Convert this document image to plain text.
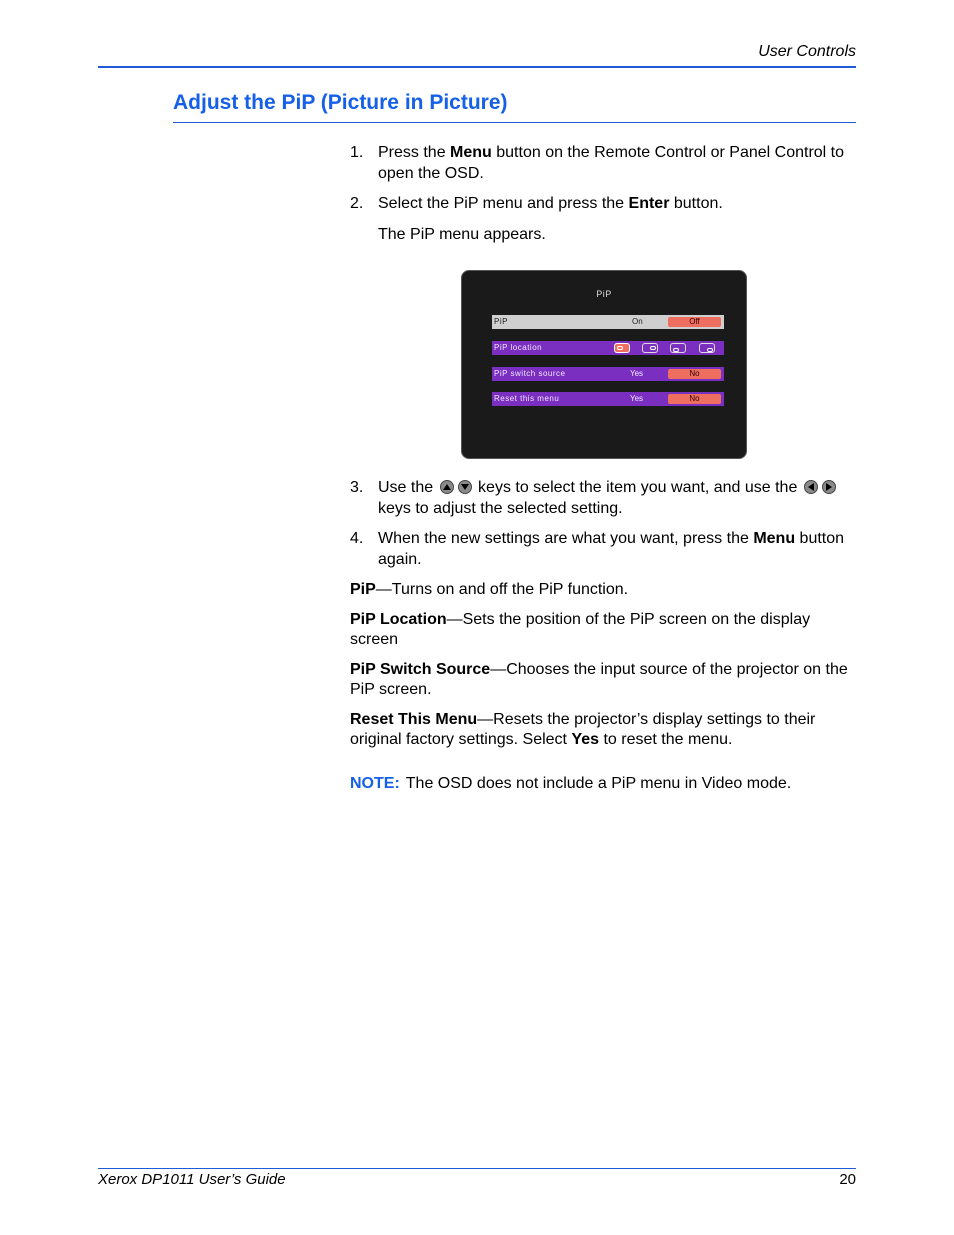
User Controls
Adjust the PiP (Picture in Picture)
1. Press the Menu button on the Remote Control or Panel Control to open the OSD.
2. Select the PiP menu and press the Enter button.
The PiP menu appears.
PiP
PiP	On	Off
PiP location
PiP switch source	Yes	No
Reset this menu	Yes	No
3. Use the	keys to select the item you want, and use the  keys to adjust the selected setting.
4. When the new settings are what you want, press the Menu button again.
PiP—Turns on and off the PiP function.
PiP Location—Sets the position of the PiP screen on the display screen
PiP Switch Source—Chooses the input source of the projector on the PiP screen.
Reset This Menu—Resets the projector’s display settings to their original factory settings. Select Yes to reset the menu.
NOTE: The OSD does not include a PiP menu in Video mode.
Xerox DP1011 User’s Guide	20
